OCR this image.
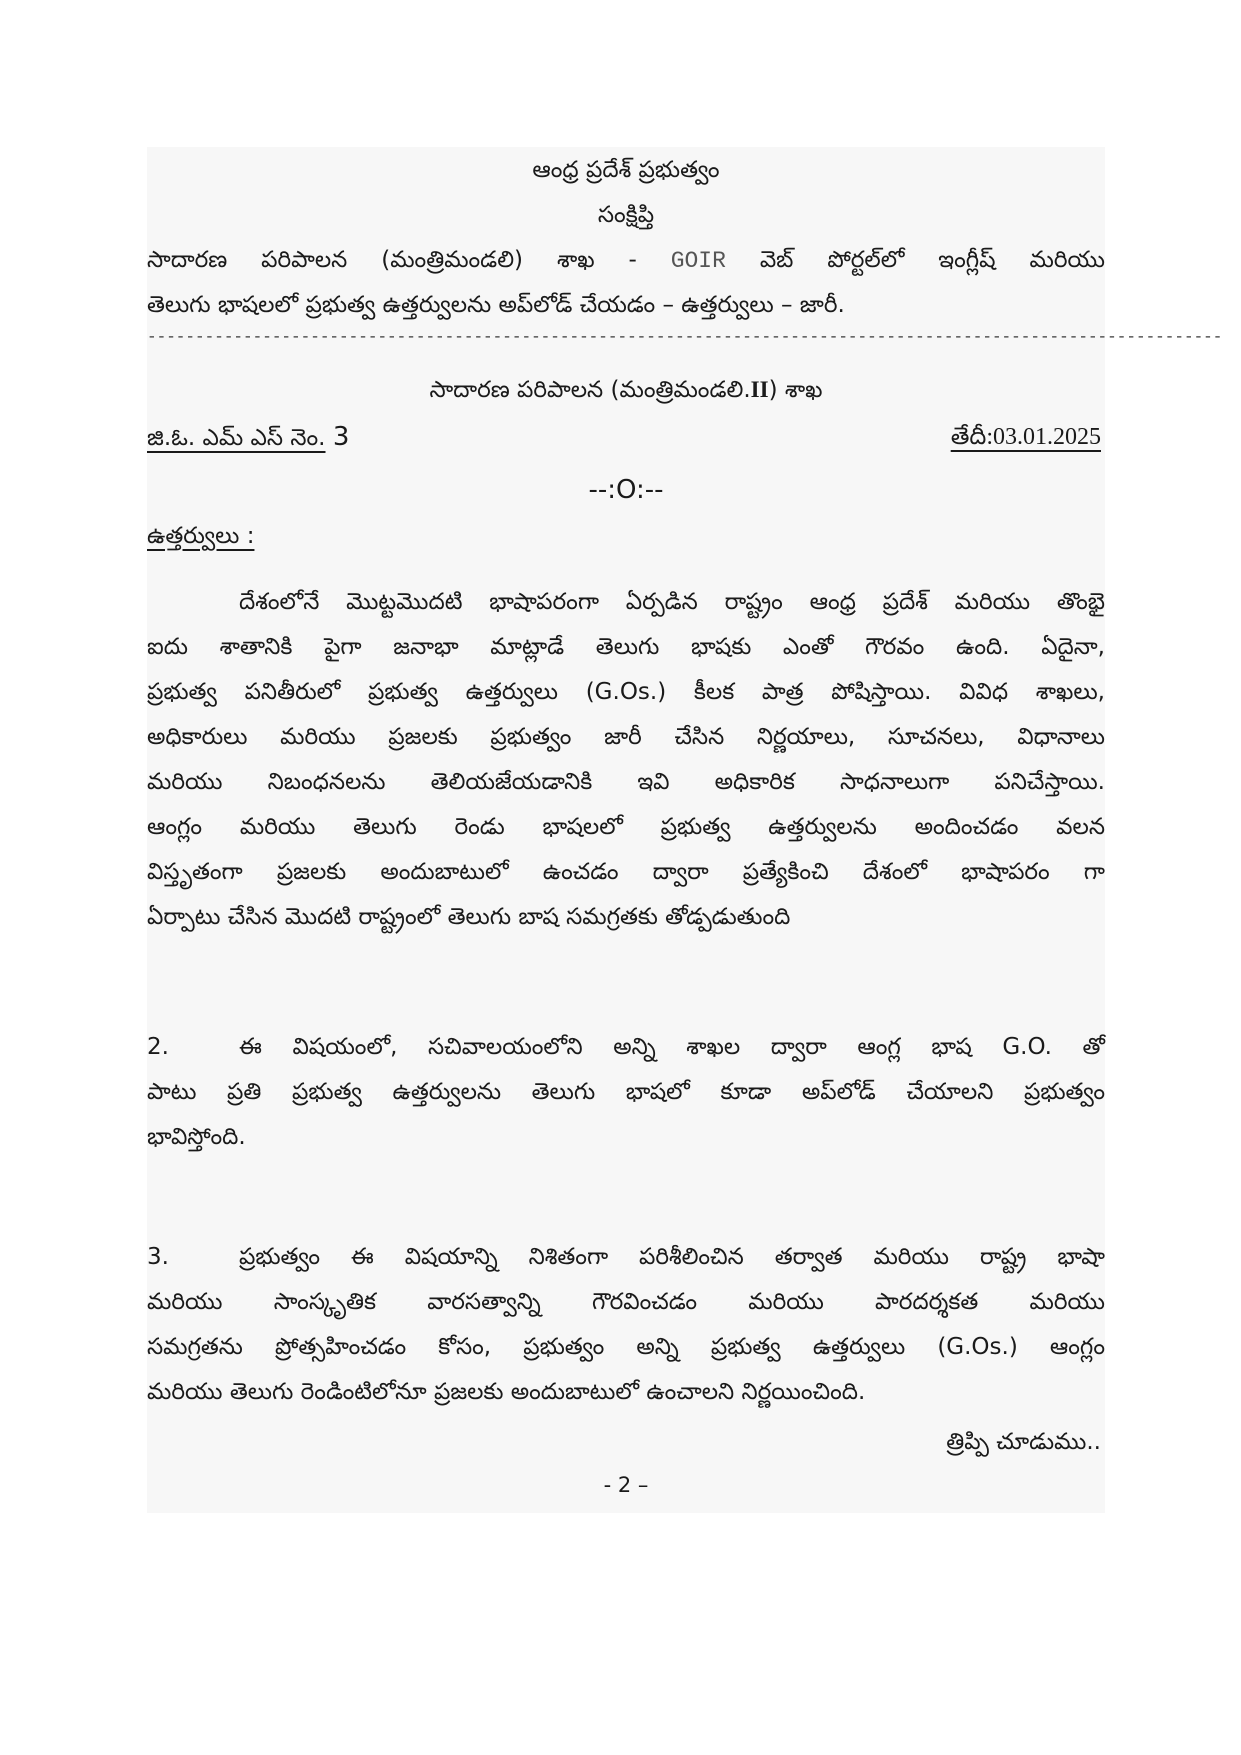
ఆంధ్ర ప్రదేశ్ ప్రభుత్వం
సంక్షిప్తి
సాదారణ పరిపాలన (మంత్రిమండలి) శాఖ - GOIR వెబ్ పోర్టల్‌లో ఇంగ్లీష్ మరియు
తెలుగు భాషలలో ప్రభుత్వ ఉత్తర్వులను అప్‌లోడ్ చేయడం – ఉత్తర్వులు – జారీ.
----------------------------------------------------------------------------------------------------------------
సాదారణ పరిపాలన (మంత్రిమండలి.II) శాఖ
జి.ఓ. ఎమ్ ఎస్ నెం. 3	తేదీ:03.01.2025
--:O:--
ఉత్తర్వులు :
దేశంలోనే మొట్టమొదటి భాషాపరంగా ఏర్పడిన రాష్ట్రం ఆంధ్ర ప్రదేశ్ మరియు తొంభై
ఐదు శాతానికి పైగా జనాభా మాట్లాడే తెలుగు భాషకు ఎంతో గౌరవం ఉంది. ఏదైనా,
ప్రభుత్వ పనితీరులో ప్రభుత్వ ఉత్తర్వులు (G.Os.) కీలక పాత్ర పోషిస్తాయి. వివిధ శాఖలు,
అధికారులు మరియు ప్రజలకు ప్రభుత్వం జారీ చేసిన నిర్ణయాలు, సూచనలు, విధానాలు
మరియు నిబంధనలను తెలియజేయడానికి ఇవి అధికారిక సాధనాలుగా పనిచేస్తాయి.
ఆంగ్లం మరియు తెలుగు రెండు భాషలలో ప్రభుత్వ ఉత్తర్వులను అందించడం వలన
విస్తృతంగా ప్రజలకు అందుబాటులో ఉంచడం ద్వారా ప్రత్యేకించి దేశంలో భాషాపరం గా
ఏర్పాటు చేసిన మొదటి రాష్ట్రంలో తెలుగు బాష సమగ్రతకు తోడ్పడుతుంది
2.	ఈ విషయంలో, సచివాలయంలోని అన్ని శాఖల ద్వారా ఆంగ్ల భాష G.O. తో
పాటు ప్రతి ప్రభుత్వ ఉత్తర్వులను తెలుగు భాషలో కూడా అప్‌లోడ్ చేయాలని ప్రభుత్వం
భావిస్తోంది.
3.	ప్రభుత్వం ఈ విషయాన్ని నిశితంగా పరిశీలించిన తర్వాత మరియు రాష్ట్ర భాషా
మరియు సాంస్కృతిక వారసత్వాన్ని గౌరవించడం మరియు పారదర్శకత మరియు
సమగ్రతను ప్రోత్సహించడం కోసం, ప్రభుత్వం అన్ని ప్రభుత్వ ఉత్తర్వులు (G.Os.) ఆంగ్లం
మరియు తెలుగు రెండింటిలోనూ ప్రజలకు అందుబాటులో ఉంచాలని నిర్ణయించింది.
త్రిప్పి చూడుము..
- 2 –
